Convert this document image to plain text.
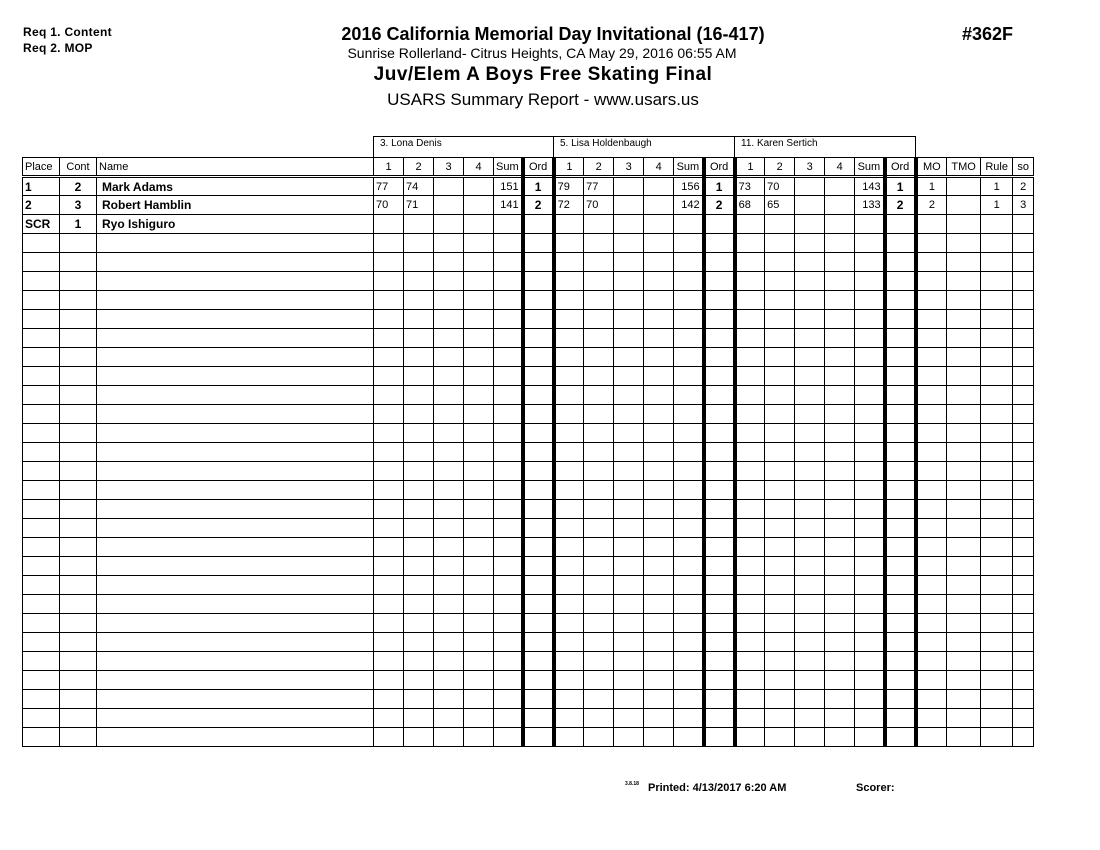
Req 1. Content
Req 2. MOP
2016 California Memorial Day Invitational (16-417)
Sunrise Rollerland- Citrus Heights, CA May 29, 2016 06:55 AM
Juv/Elem A Boys Free Skating Final
USARS Summary Report - www.usars.us
#362F
3. Lona Denis	5. Lisa Holdenbaugh	11. Karen Sertich
Place	Cont	Name	1	2	3	4	Sum	Ord	1	2	3	4	Sum	Ord	1	2	3	4	Sum	Ord	MO	TMO	Rule	so
1	2	Mark Adams	77	74			151	1	79	77			156	1	73	70			143	1	1		1	2
2	3	Robert Hamblin	70	71			141	2	72	70			142	2	68	65			133	2	2		1	3
SCR	1	Ryo Ishiguro																						

3.8.18 Printed: 4/13/2017 6:20 AM	Scorer:
